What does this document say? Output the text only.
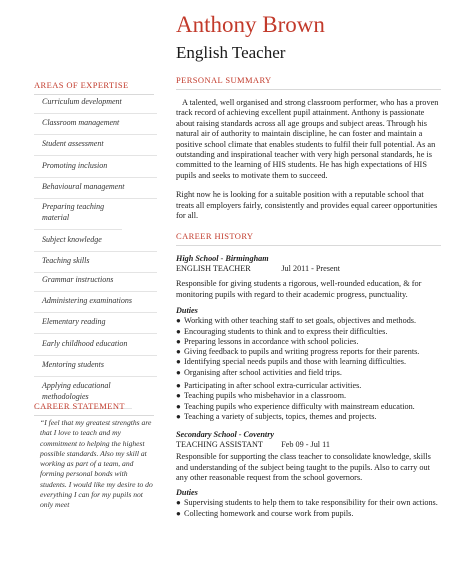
Anthony Brown
English Teacher
AREAS OF EXPERTISE
Curriculum development
Classroom management
Student assessment
Promoting inclusion
Behavioural management
Preparing teaching material
Subject knowledge
Teaching skills
Grammar instructions
Administering examinations
Elementary reading
Early childhood education
Mentoring students
Applying educational methodologies
CAREER STATEMENT
“I feel that my greatest strengths are that I love to teach and my commitment to helping the highest possible standards. Also my skill at working as part of a team, and forming personal bonds with students. I would like my desire to do everything I can for my pupils not only meet
PERSONAL SUMMARY

A talented, well organised and strong classroom performer, who has a proven track record of achieving excellent pupil attainment. Anthony is passionate about raising standards across all age groups and subject areas. Through his natural air of authority to maintain discipline, he can foster and maintain a positive school climate that enables students to fulfil their full potential. As an outstanding and inspirational teacher with very high personal standards, he is committed to the learning of HIS students. He has high expectations of HIS pupils and seeks to motivate them to succeed.

Right now he is looking for a suitable position with a reputable school that treats all employers fairly, consistently and provides equal career opportunities for all.

CAREER HISTORY
High School - Birmingham
ENGLISH TEACHER	Jul 2011 - Present

Responsible for giving students a rigorous, well-rounded education, & for monitoring pupils with regard to their academic progress, punctuality.

Duties
● Working with other teaching staff to set goals, objectives and methods.
● Encouraging students to think and to express their difficulties.
● Preparing lessons in accordance with school policies.
● Giving feedback to pupils and writing progress reports for their parents.
● Identifying special needs pupils and those with learning difficulties.
● Organising after school activities and field trips.
● Participating in after school extra-curricular activities.
● Teaching pupils who misbehavior in a classroom.
● Teaching pupils who experience difficulty with mainstream education.
● Teaching a variety of subjects, topics, themes and projects.
Secondary School - Coventry
TEACHING ASSISTANT Feb 09 - Jul 11

Responsible for supporting the class teacher to consolidate knowledge, skills and understanding of the subject being taught to the pupils. Also to carry out any other reasonable request from the school governors.

Duties
● Supervising students to help them to take responsibility for their own actions.
● Collecting homework and course work from pupils.
